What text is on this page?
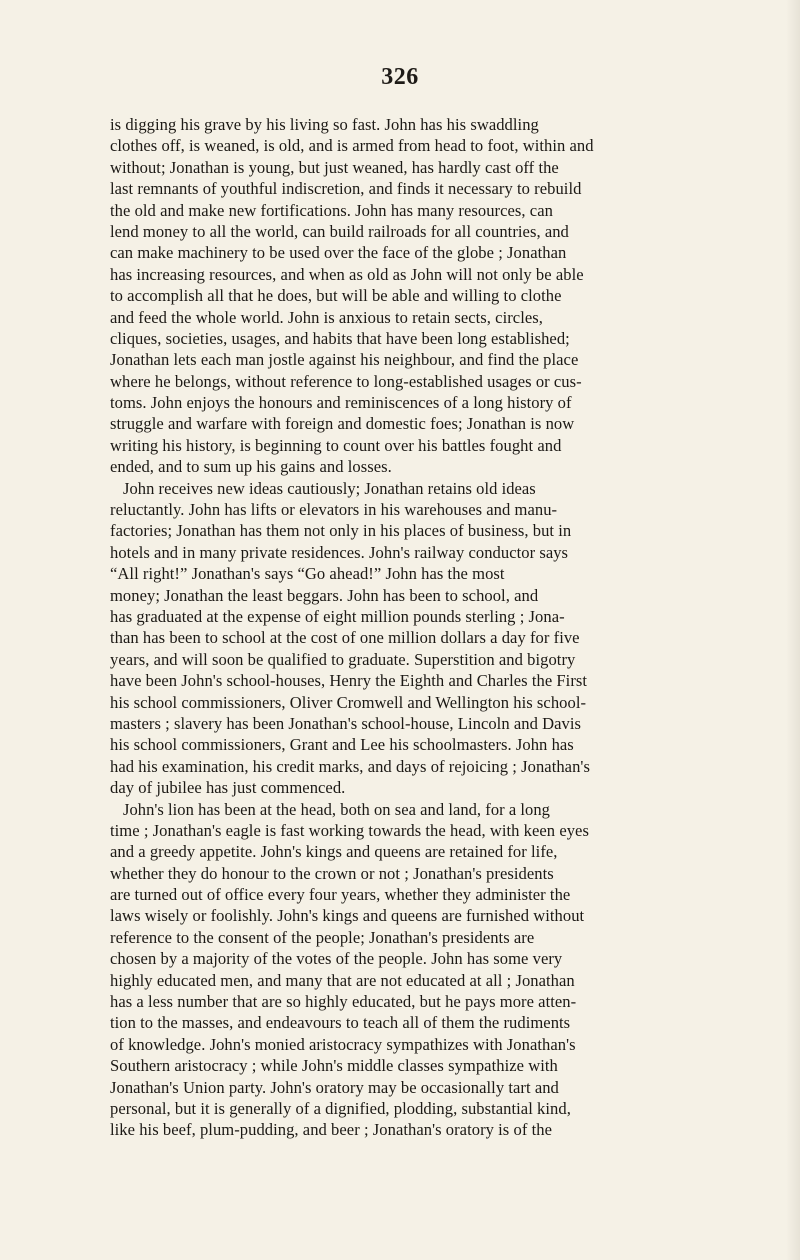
326
is digging his grave by his living so fast. John has his swaddling
clothes off, is weaned, is old, and is armed from head to foot, within and
without; Jonathan is young, but just weaned, has hardly cast off the
last remnants of youthful indiscretion, and finds it necessary to rebuild
the old and make new fortifications. John has many resources, can
lend money to all the world, can build railroads for all countries, and
can make machinery to be used over the face of the globe ; Jonathan
has increasing resources, and when as old as John will not only be able
to accomplish all that he does, but will be able and willing to clothe
and feed the whole world. John is anxious to retain sects, circles,
cliques, societies, usages, and habits that have been long established;
Jonathan lets each man jostle against his neighbour, and find the place
where he belongs, without reference to long-established usages or cus-
toms. John enjoys the honours and reminiscences of a long history of
struggle and warfare with foreign and domestic foes; Jonathan is now
writing his history, is beginning to count over his battles fought and
ended, and to sum up his gains and losses.
John receives new ideas cautiously; Jonathan retains old ideas
reluctantly. John has lifts or elevators in his warehouses and manu-
factories; Jonathan has them not only in his places of business, but in
hotels and in many private residences. John's railway conductor says
“All right!” Jonathan's says “Go ahead!” John has the most
money; Jonathan the least beggars. John has been to school, and
has graduated at the expense of eight million pounds sterling ; Jona-
than has been to school at the cost of one million dollars a day for five
years, and will soon be qualified to graduate. Superstition and bigotry
have been John's school-houses, Henry the Eighth and Charles the First
his school commissioners, Oliver Cromwell and Wellington his school-
masters ; slavery has been Jonathan's school-house, Lincoln and Davis
his school commissioners, Grant and Lee his schoolmasters. John has
had his examination, his credit marks, and days of rejoicing ; Jonathan's
day of jubilee has just commenced.
John's lion has been at the head, both on sea and land, for a long
time ; Jonathan's eagle is fast working towards the head, with keen eyes
and a greedy appetite. John's kings and queens are retained for life,
whether they do honour to the crown or not ; Jonathan's presidents
are turned out of office every four years, whether they administer the
laws wisely or foolishly. John's kings and queens are furnished without
reference to the consent of the people; Jonathan's presidents are
chosen by a majority of the votes of the people. John has some very
highly educated men, and many that are not educated at all ; Jonathan
has a less number that are so highly educated, but he pays more atten-
tion to the masses, and endeavours to teach all of them the rudiments
of knowledge. John's monied aristocracy sympathizes with Jonathan's
Southern aristocracy ; while John's middle classes sympathize with
Jonathan's Union party. John's oratory may be occasionally tart and
personal, but it is generally of a dignified, plodding, substantial kind,
like his beef, plum-pudding, and beer ; Jonathan's oratory is of the
